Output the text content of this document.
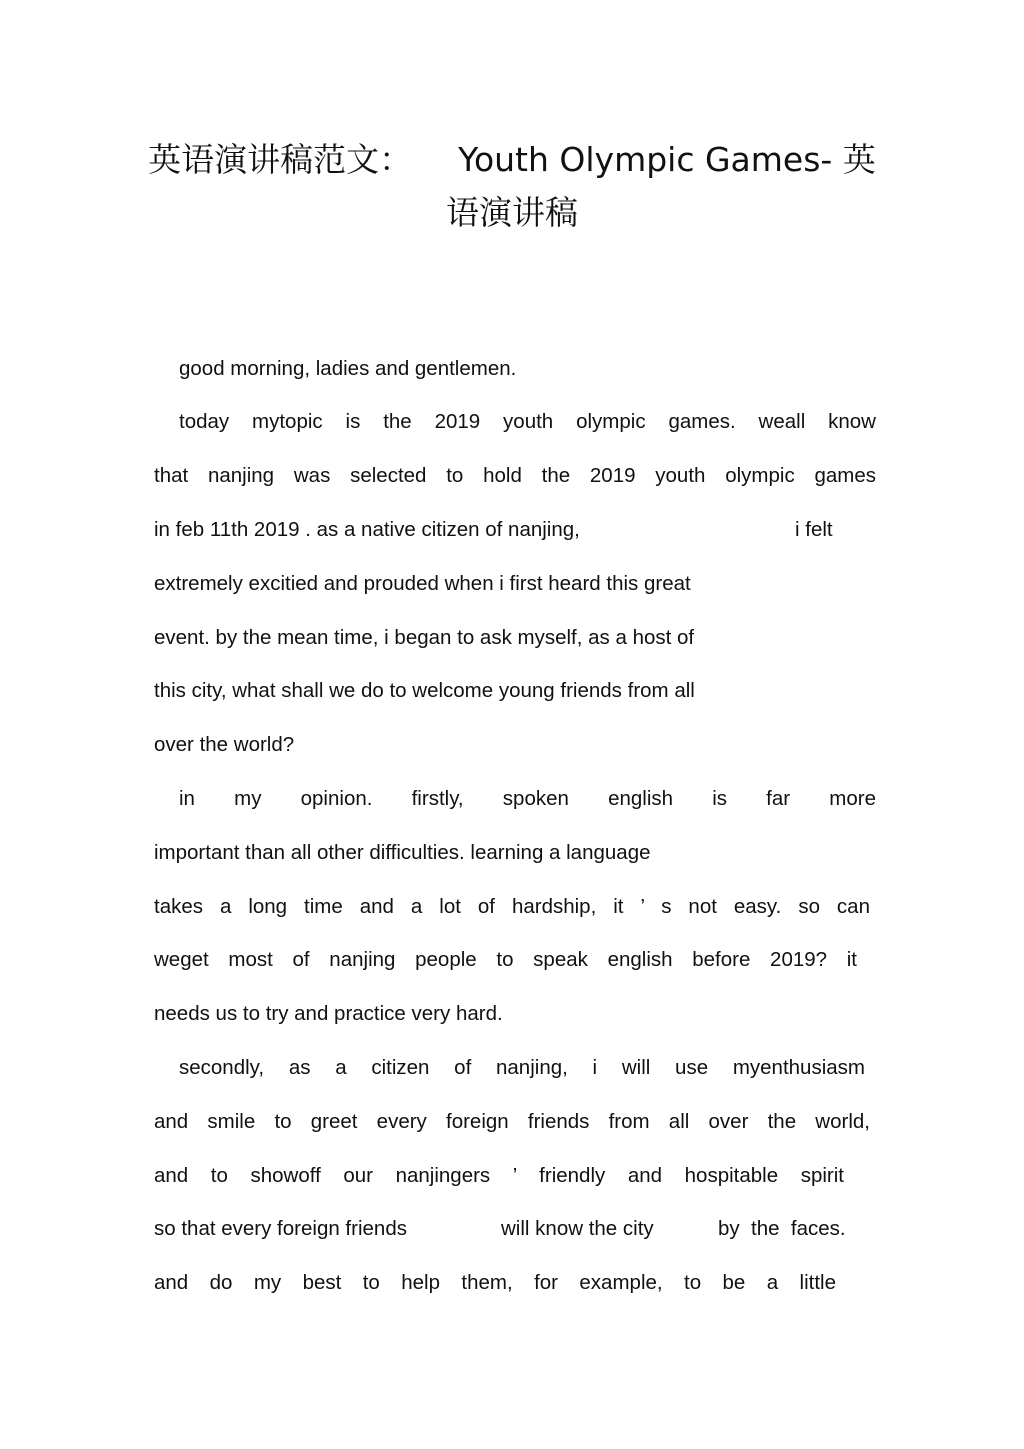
英语演讲稿范文： Youth Olympic Games- 英
语演讲稿

good morning, ladies and gentlemen.

today mytopic is the 2019 youth olympic games. weall know

that nanjing was selected to hold the 2019 youth olympic games

in feb 11th 2019 . as a native citizen of nanjing,	i felt

extremely excitied and prouded when i first heard this great

event. by the mean time, i began to ask myself, as a host of

this city, what shall we do to welcome young friends from all

over the world?

in my opinion. firstly, spoken english is far more

important than all other difficulties. learning a language

takes a long time and a lot of hardship, it ’ s not easy. so can

weget most of nanjing people to speak english before 2019? it

needs us to try and practice very hard.

secondly, as a citizen of nanjing, i will use myenthusiasm

and smile to greet every foreign friends from all over the world,

and to showoff our nanjingers ’ friendly and hospitable spirit

so that every foreign friends	will know the city	by  the  faces.

and do my best to help them, for example, to be a little
